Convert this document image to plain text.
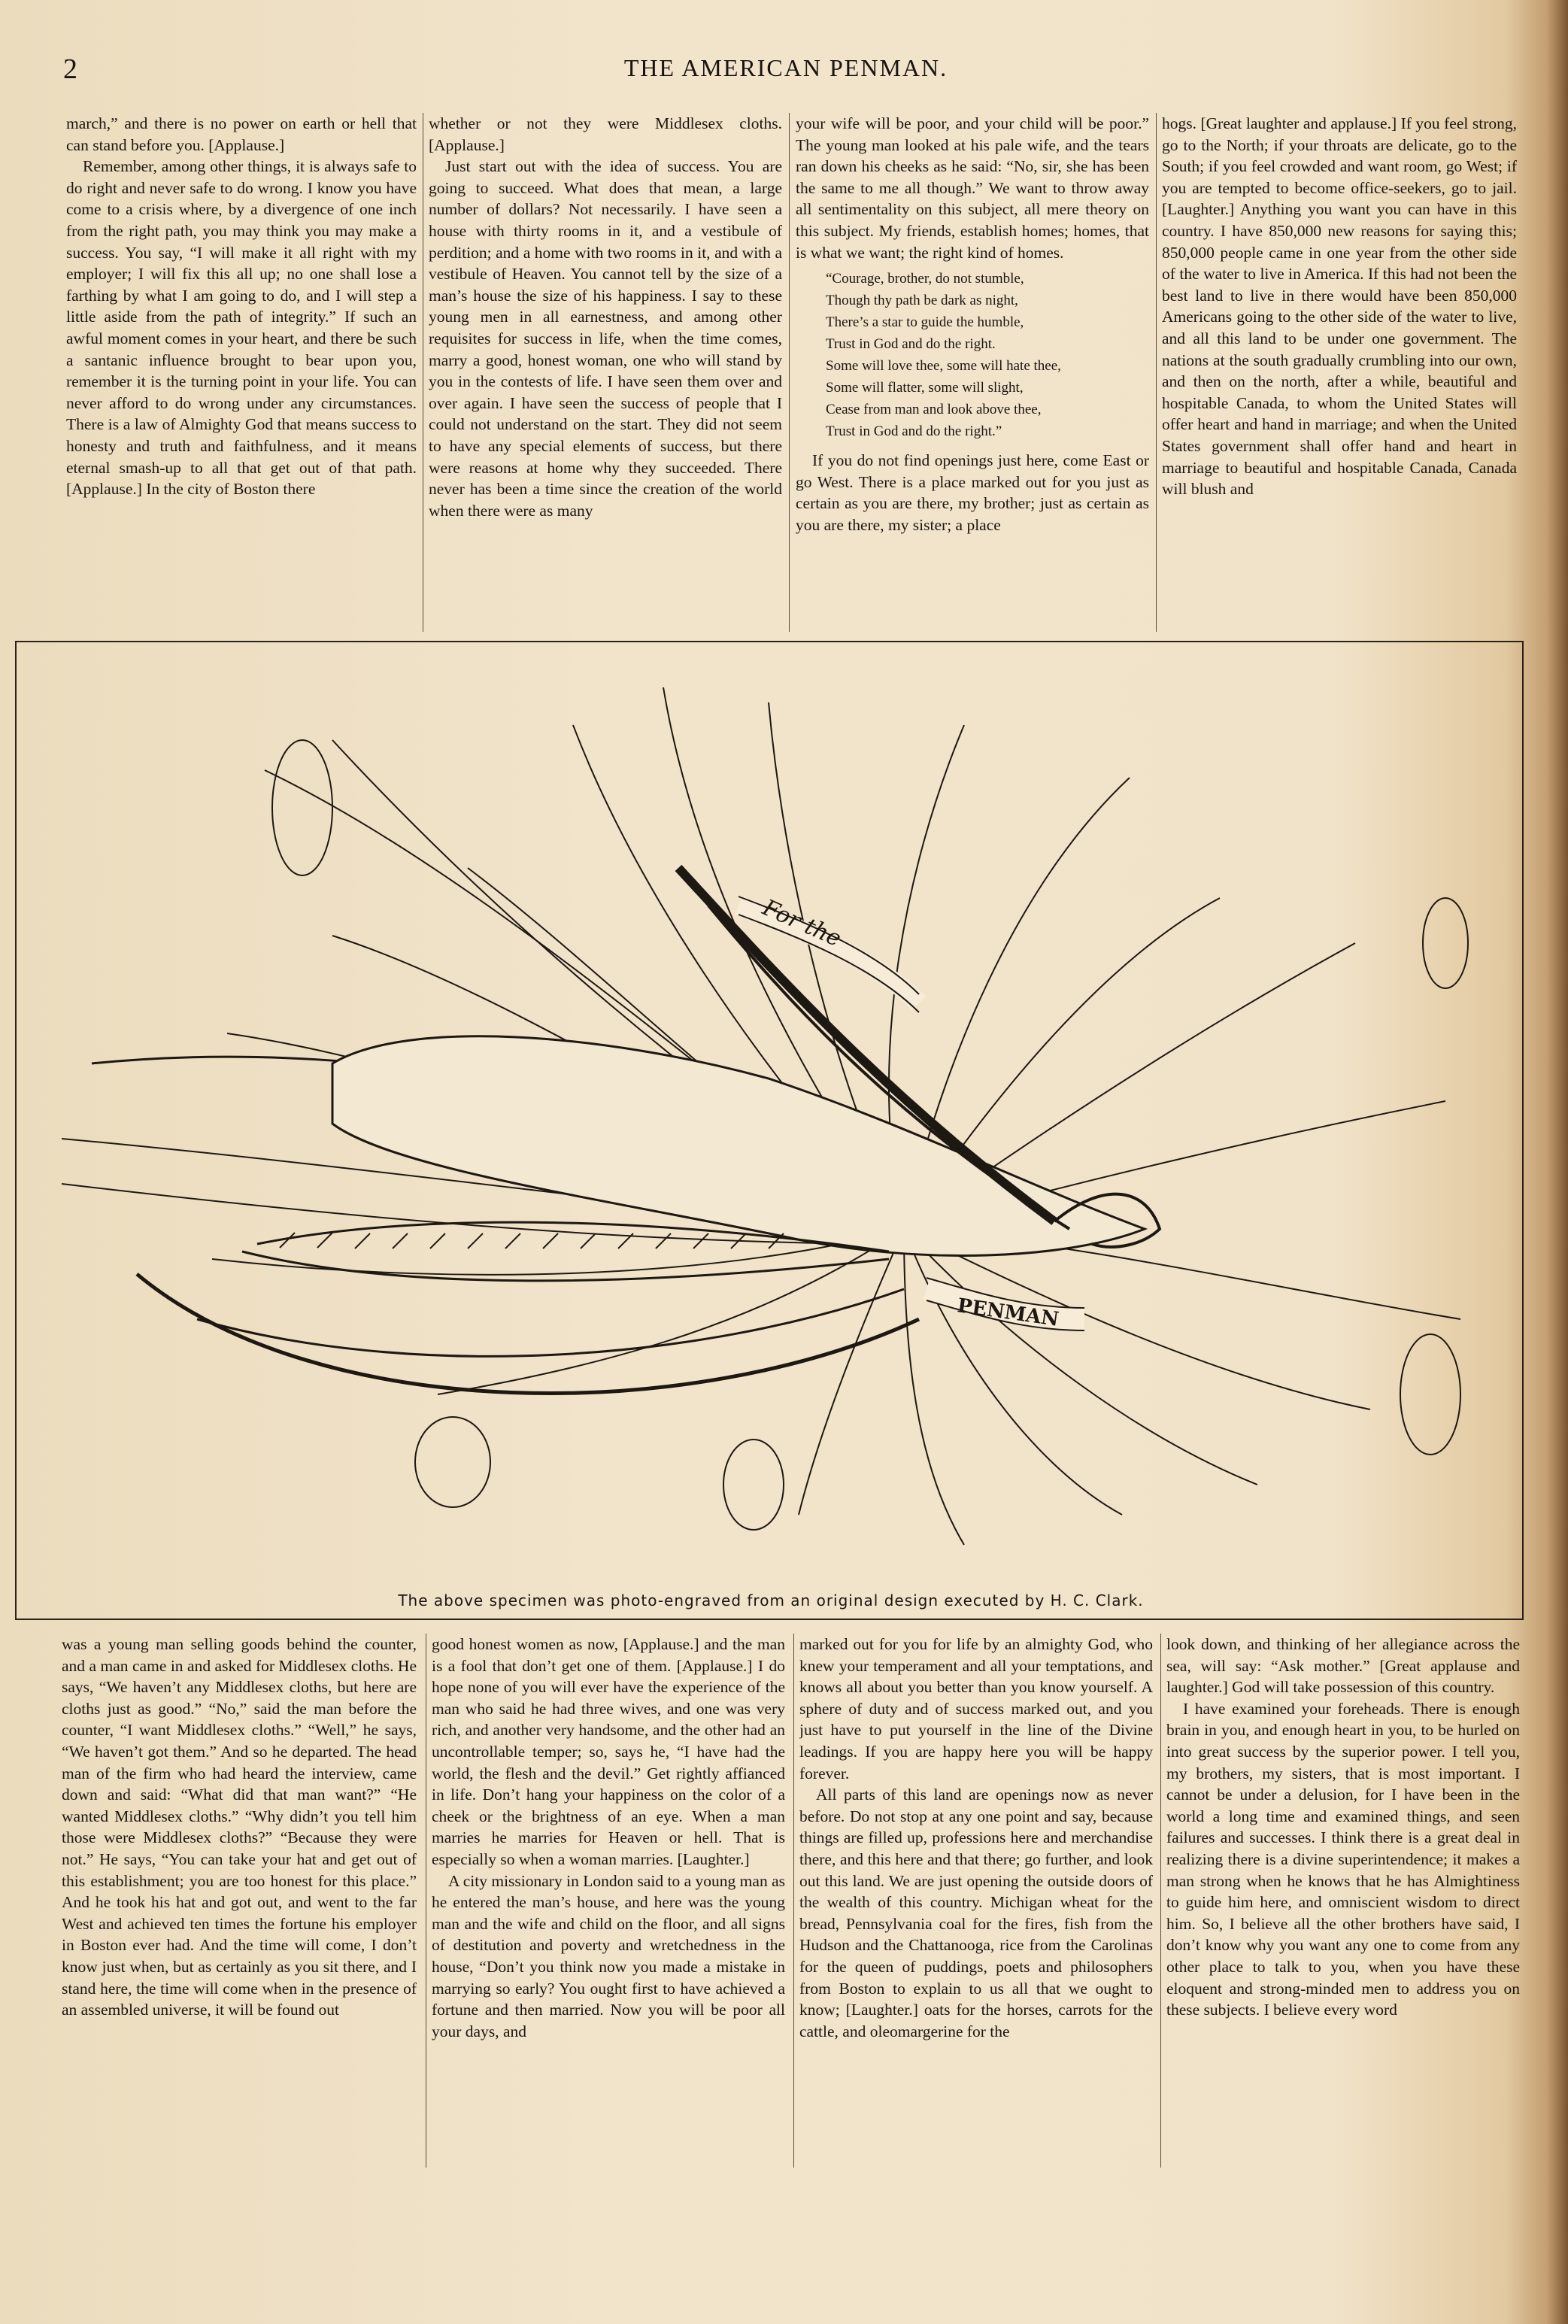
2	THE AMERICAN PENMAN.

march,” and there is no power on earth or hell that can stand before you. [Applause.]

Remember, among other things, it is always safe to do right and never safe to do wrong. I know you have come to a crisis where, by a divergence of one inch from the right path, you may think you may make a success. You say, “I will make it all right with my employer; I will fix this all up; no one shall lose a farthing by what I am going to do, and I will step a little aside from the path of integrity.” If such an awful moment comes in your heart, and there be such a santanic influence brought to bear upon you, remember it is the turning point in your life. You can never afford to do wrong under any circumstances. There is a law of Almighty God that means success to honesty and truth and faithfulness, and it means eternal smash-up to all that get out of that path. [Applause.] In the city of Boston there

whether or not they were Middlesex cloths. [Applause.]

Just start out with the idea of success. You are going to succeed. What does that mean, a large number of dollars? Not necessarily. I have seen a house with thirty rooms in it, and a vestibule of perdition; and a home with two rooms in it, and with a vestibule of Heaven. You cannot tell by the size of a man’s house the size of his happiness. I say to these young men in all earnestness, and among other requisites for success in life, when the time comes, marry a good, honest woman, one who will stand by you in the contests of life. I have seen them over and over again. I have seen the success of people that I could not understand on the start. They did not seem to have any special elements of success, but there were reasons at home why they succeeded. There never has been a time since the creation of the world when there were as many

your wife will be poor, and your child will be poor.” The young man looked at his pale wife, and the tears ran down his cheeks as he said: “No, sir, she has been the same to me all though.” We want to throw away all sentimentality on this subject, all mere theory on this subject. My friends, establish homes; homes, that is what we want; the right kind of homes.

“Courage, brother, do not stumble,
Though thy path be dark as night,
There’s a star to guide the humble,
Trust in God and do the right.
Some will love thee, some will hate thee,
Some will flatter, some will slight,
Cease from man and look above thee,
Trust in God and do the right.”

If you do not find openings just here, come East or go West. There is a place marked out for you just as certain as you are there, my brother; just as certain as you are there, my sister; a place

hogs. [Great laughter and applause.] If you feel strong, go to the North; if your throats are delicate, go to the South; if you feel crowded and want room, go West; if you are tempted to become office-seekers, go to jail. [Laughter.] Anything you want you can have in this country. I have 850,000 new reasons for saying this; 850,000 people came in one year from the other side of the water to live in America. If this had not been the best land to live in there would have been 850,000 Americans going to the other side of the water to live, and all this land to be under one government. The nations at the south gradually crumbling into our own, and then on the north, after a while, beautiful and hospitable Canada, to whom the United States will offer heart and hand in marriage; and when the United States government shall offer hand and heart in marriage to beautiful and hospitable Canada, Canada will blush and

For the
PENMAN
The above specimen was photo-engraved from an original design executed by H. C. Clark.

was a young man selling goods behind the counter, and a man came in and asked for Middlesex cloths. He says, “We haven’t any Middlesex cloths, but here are cloths just as good.” “No,” said the man before the counter, “I want Middlesex cloths.” “Well,” he says, “We haven’t got them.” And so he departed. The head man of the firm who had heard the interview, came down and said: “What did that man want?” “He wanted Middlesex cloths.” “Why didn’t you tell him those were Middlesex cloths?” “Because they were not.” He says, “You can take your hat and get out of this establishment; you are too honest for this place.” And he took his hat and got out, and went to the far West and achieved ten times the fortune his employer in Boston ever had. And the time will come, I don’t know just when, but as certainly as you sit there, and I stand here, the time will come when in the presence of an assembled universe, it will be found out

good honest women as now, [Applause.] and the man is a fool that don’t get one of them. [Applause.] I do hope none of you will ever have the experience of the man who said he had three wives, and one was very rich, and another very handsome, and the other had an uncontrollable temper; so, says he, “I have had the world, the flesh and the devil.” Get rightly affianced in life. Don’t hang your happiness on the color of a cheek or the brightness of an eye. When a man marries he marries for Heaven or hell. That is especially so when a woman marries. [Laughter.]

A city missionary in London said to a young man as he entered the man’s house, and here was the young man and the wife and child on the floor, and all signs of destitution and poverty and wretchedness in the house, “Don’t you think now you made a mistake in marrying so early? You ought first to have achieved a fortune and then married. Now you will be poor all your days, and

marked out for you for life by an almighty God, who knew your temperament and all your temptations, and knows all about you better than you know yourself. A sphere of duty and of success marked out, and you just have to put yourself in the line of the Divine leadings. If you are happy here you will be happy forever.

All parts of this land are openings now as never before. Do not stop at any one point and say, because things are filled up, professions here and merchandise there, and this here and that there; go further, and look out this land. We are just opening the outside doors of the wealth of this country. Michigan wheat for the bread, Pennsylvania coal for the fires, fish from the Hudson and the Chattanooga, rice from the Carolinas for the queen of puddings, poets and philosophers from Boston to explain to us all that we ought to know; [Laughter.] oats for the horses, carrots for the cattle, and oleomargerine for the

look down, and thinking of her allegiance across the sea, will say: “Ask mother.” [Great applause and laughter.] God will take possession of this country.

I have examined your foreheads. There is enough brain in you, and enough heart in you, to be hurled on into great success by the superior power. I tell you, my brothers, my sisters, that is most important. I cannot be under a delusion, for I have been in the world a long time and examined things, and seen failures and successes. I think there is a great deal in realizing there is a divine superintendence; it makes a man strong when he knows that he has Almightiness to guide him here, and omniscient wisdom to direct him. So, I believe all the other brothers have said, I don’t know why you want any one to come from any other place to talk to you, when you have these eloquent and strong-minded men to address you on these subjects. I believe every word
